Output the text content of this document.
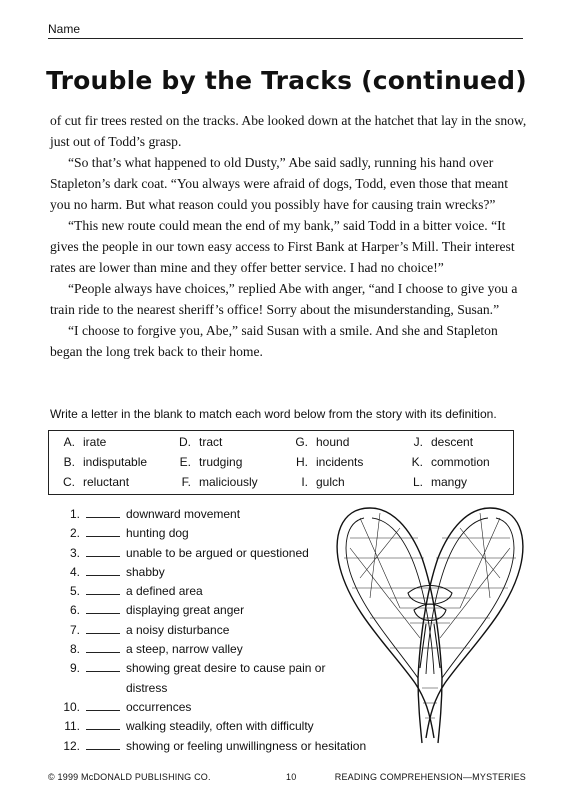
Name
Trouble by the Tracks (continued)

of cut fir trees rested on the tracks. Abe looked down at the hatchet that lay in the snow, just out of Todd’s grasp.

“So that’s what happened to old Dusty,” Abe said sadly, running his hand over Stapleton’s dark coat. “You always were afraid of dogs, Todd, even those that meant you no harm. But what reason could you possibly have for causing train wrecks?”

“This new route could mean the end of my bank,” said Todd in a bitter voice. “It gives the people in our town easy access to First Bank at Harper’s Mill. Their interest rates are lower than mine and they offer better service. I had no choice!”

“People always have choices,” replied Abe with anger, “and I choose to give you a train ride to the nearest sheriff’s office! Sorry about the misunderstanding, Susan.”

“I choose to forgive you, Abe,” said Susan with a smile. And she and Stapleton began the long trek back to their home.

Write a letter in the blank to match each word below from the story with its definition.
A. irate	D. tract	G. hound	J. descent
B. indisputable	E. trudging	H. incidents	K. commotion
C. reluctant	F. maliciously	I. gulch	L. mangy
1.	downward movement
2.	hunting dog
3.	unable to be argued or questioned
4.	shabby
5.	a defined area
6.	displaying great anger
7.	a noisy disturbance
8.	a steep, narrow valley
9.	showing great desire to cause pain or
distress
10.	occurrences
11.	walking steadily, often with difficulty
12.	showing or feeling unwillingness or hesitation
© 1999 McDONALD PUBLISHING CO.	10	READING COMPREHENSION—MYSTERIES
